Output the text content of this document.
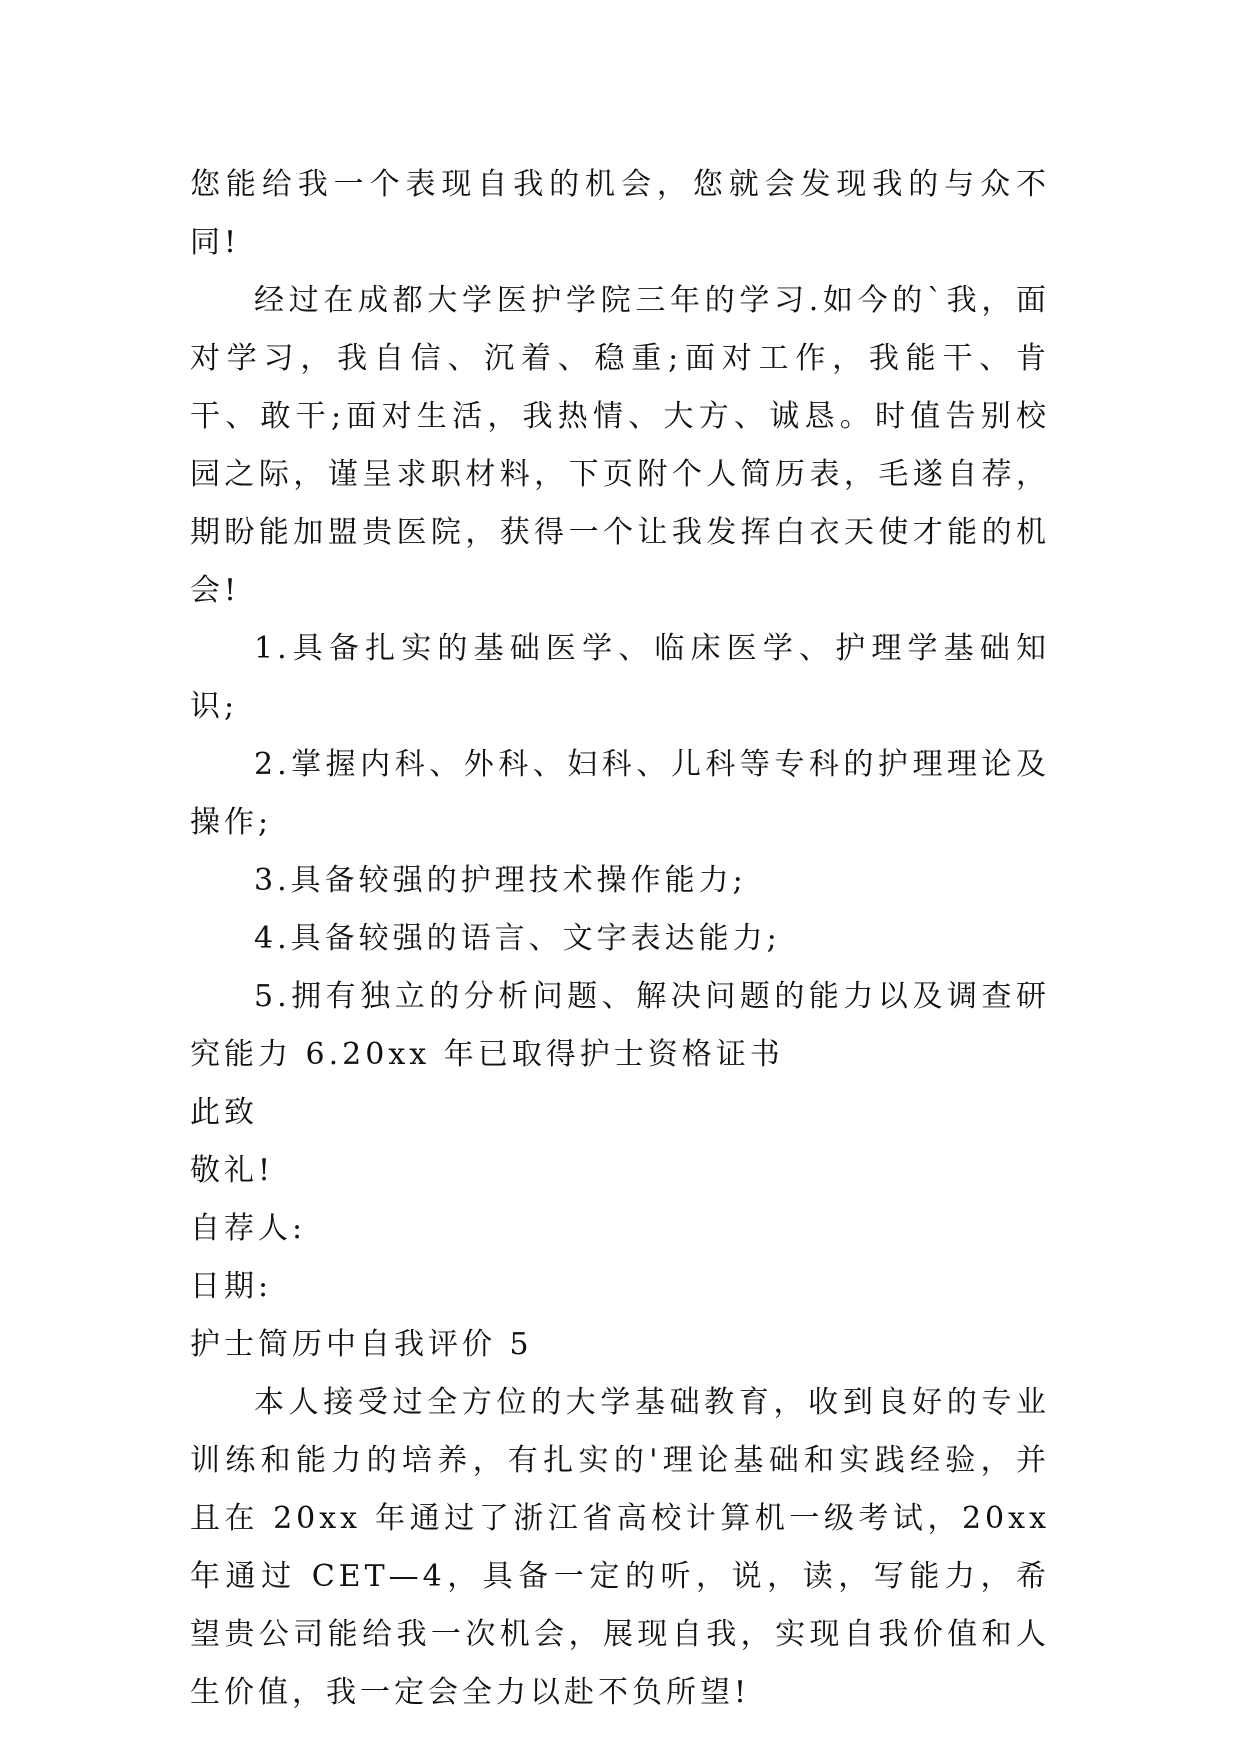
您能给我一个表现自我的机会，您就会发现我的与众不同!

经过在成都大学医护学院三年的学习.如今的`我，面对学习，我自信、沉着、稳重;面对工作，我能干、肯干、敢干;面对生活，我热情、大方、诚恳。时值告别校园之际，谨呈求职材料，下页附个人简历表，毛遂自荐，期盼能加盟贵医院，获得一个让我发挥白衣天使才能的机会!

1.具备扎实的基础医学、临床医学、护理学基础知识;

2.掌握内科、外科、妇科、儿科等专科的护理理论及操作;

3.具备较强的护理技术操作能力;

4.具备较强的语言、文字表达能力;

5.拥有独立的分析问题、解决问题的能力以及调查研究能力 6.20xx 年已取得护士资格证书

此致

敬礼!

自荐人:

日期:

护士简历中自我评价 5

本人接受过全方位的大学基础教育，收到良好的专业训练和能力的培养，有扎实的'理论基础和实践经验，并且在 20xx 年通过了浙江省高校计算机一级考试，20xx 年通过 CET—4，具备一定的听，说，读，写能力，希望贵公司能给我一次机会，展现自我，实现自我价值和人生价值，我一定会全力以赴不负所望!
